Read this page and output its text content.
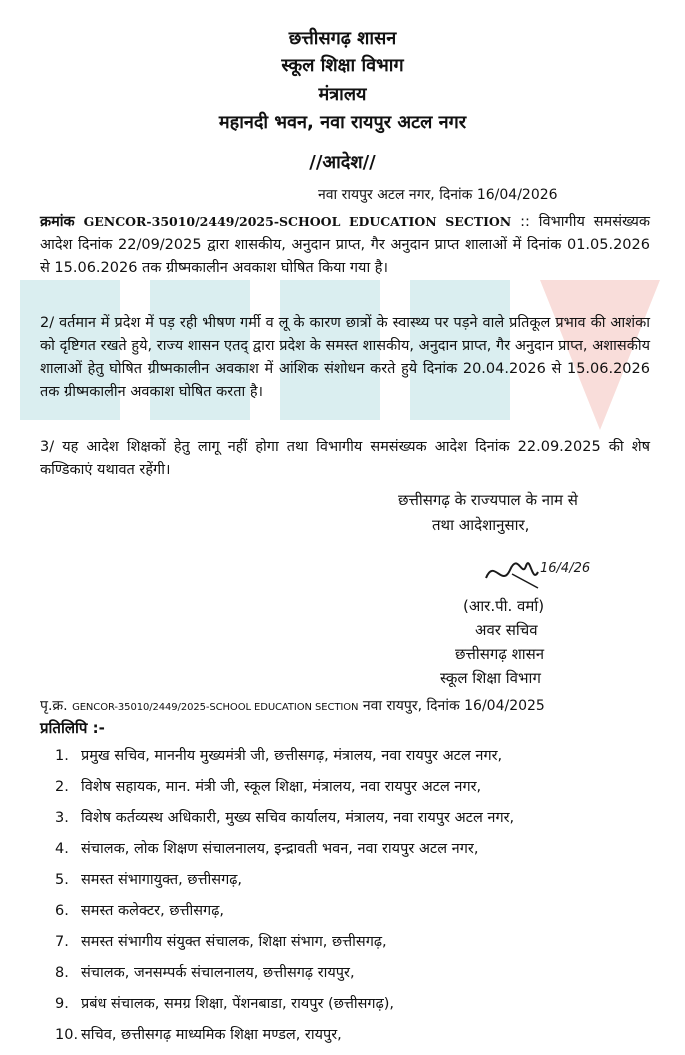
छत्तीसगढ़ शासन
स्कूल शिक्षा विभाग
मंत्रालय
महानदी भवन, नवा रायपुर अटल नगर
//आदेश//
नवा रायपुर अटल नगर, दिनांक 16/04/2026
क्रमांक GENCOR-35010/2449/2025-SCHOOL EDUCATION SECTION :: विभागीय समसंख्यक आदेश दिनांक 22/09/2025 द्वारा शासकीय, अनुदान प्राप्त, गैर अनुदान प्राप्त शालाओं में दिनांक 01.05.2026 से 15.06.2026 तक ग्रीष्मकालीन अवकाश घोषित किया गया है।
2/ वर्तमान में प्रदेश में पड़ रही भीषण गर्मी व लू के कारण छात्रों के स्वास्थ्य पर पड़ने वाले प्रतिकूल प्रभाव की आशंका को दृष्टिगत रखते हुये, राज्य शासन एतद् द्वारा प्रदेश के समस्त शासकीय, अनुदान प्राप्त, गैर अनुदान प्राप्त, अशासकीय शालाओं हेतु घोषित ग्रीष्मकालीन अवकाश में आंशिक संशोधन करते हुये दिनांक 20.04.2026 से 15.06.2026 तक ग्रीष्मकालीन अवकाश घोषित करता है।
3/ यह आदेश शिक्षकों हेतु लागू नहीं होगा तथा विभागीय समसंख्यक आदेश दिनांक 22.09.2025 की शेष कण्डिकाएं यथावत रहेंगी।
छत्तीसगढ़ के राज्यपाल के नाम से
तथा आदेशानुसार,
16/4/26
(आर.पी. वर्मा)
अवर सचिव
छत्तीसगढ़ शासन
स्कूल शिक्षा विभाग
पृ.क्र. GENCOR-35010/2449/2025-SCHOOL EDUCATION SECTION नवा रायपुर, दिनांक 16/04/2025
प्रतिलिपि :-
1. प्रमुख सचिव, माननीय मुख्यमंत्री जी, छत्तीसगढ़, मंत्रालय, नवा रायपुर अटल नगर,
2. विशेष सहायक, मान. मंत्री जी, स्कूल शिक्षा, मंत्रालय, नवा रायपुर अटल नगर,
3. विशेष कर्तव्यस्थ अधिकारी, मुख्य सचिव कार्यालय, मंत्रालय, नवा रायपुर अटल नगर,
4. संचालक, लोक शिक्षण संचालनालय, इन्द्रावती भवन, नवा रायपुर अटल नगर,
5. समस्त संभागायुक्त, छत्तीसगढ़,
6. समस्त कलेक्टर, छत्तीसगढ़,
7. समस्त संभागीय संयुक्त संचालक, शिक्षा संभाग, छत्तीसगढ़,
8. संचालक, जनसम्पर्क संचालनालय, छत्तीसगढ़ रायपुर,
9. प्रबंध संचालक, समग्र शिक्षा, पेंशनबाडा, रायपुर (छत्तीसगढ़),
10. सचिव, छत्तीसगढ़ माध्यमिक शिक्षा मण्डल, रायपुर,
